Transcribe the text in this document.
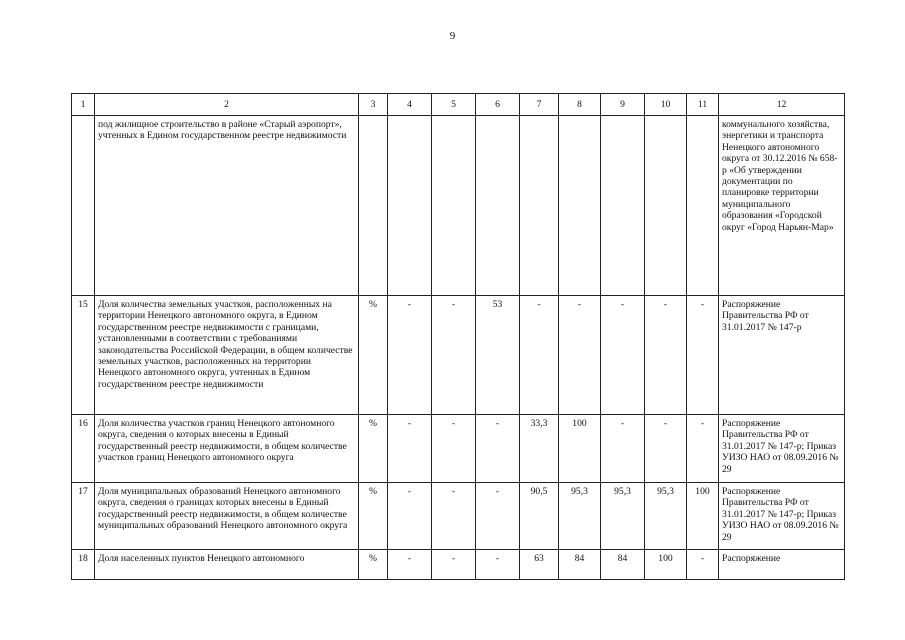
9
1	2	3	4	5	6	7	8	9	10	11	12
	под жилищное строительство в районе «Старый аэропорт», учтенных в Едином государственном реестре недвижимости										коммунального хозяйства, энергетики и транспорта Ненецкого автономного округа от 30.12.2016 № 658-р «Об утверждении документации по планировке территории муниципального образования «Городской округ «Город Нарьян-Мар»
15	Доля количества земельных участков, расположенных на территории Ненецкого автономного округа, в Едином государственном реестре недвижимости с границами, установленными в соответствии с требованиями законодательства Российской Федерации, в общем количестве земельных участков, расположенных на территории Ненецкого автономного округа, учтенных в Едином государственном реестре недвижимости	%	-	-	53	-	-	-	-	-	Распоряжение Правительства РФ от 31.01.2017 № 147-р
16	Доля количества участков границ Ненецкого автономного округа, сведения о которых внесены в Единый государственный реестр недвижимости, в общем количестве участков границ Ненецкого автономного округа	%	-	-	-	33,3	100	-	-	-	Распоряжение Правительства РФ от 31.01.2017 № 147-р; Приказ УИЗО НАО от 08.09.2016 № 29
17	Доля муниципальных образований Ненецкого автономного округа, сведения о границах которых внесены в Единый государственный реестр недвижимости, в общем количестве муниципальных образований Ненецкого автономного округа	%	-	-	-	90,5	95,3	95,3	95,3	100	Распоряжение Правительства РФ от 31.01.2017 № 147-р; Приказ УИЗО НАО от 08.09.2016 № 29
18	Доля населенных пунктов Ненецкого автономного	%	-	-	-	63	84	84	100	-	Распоряжение
